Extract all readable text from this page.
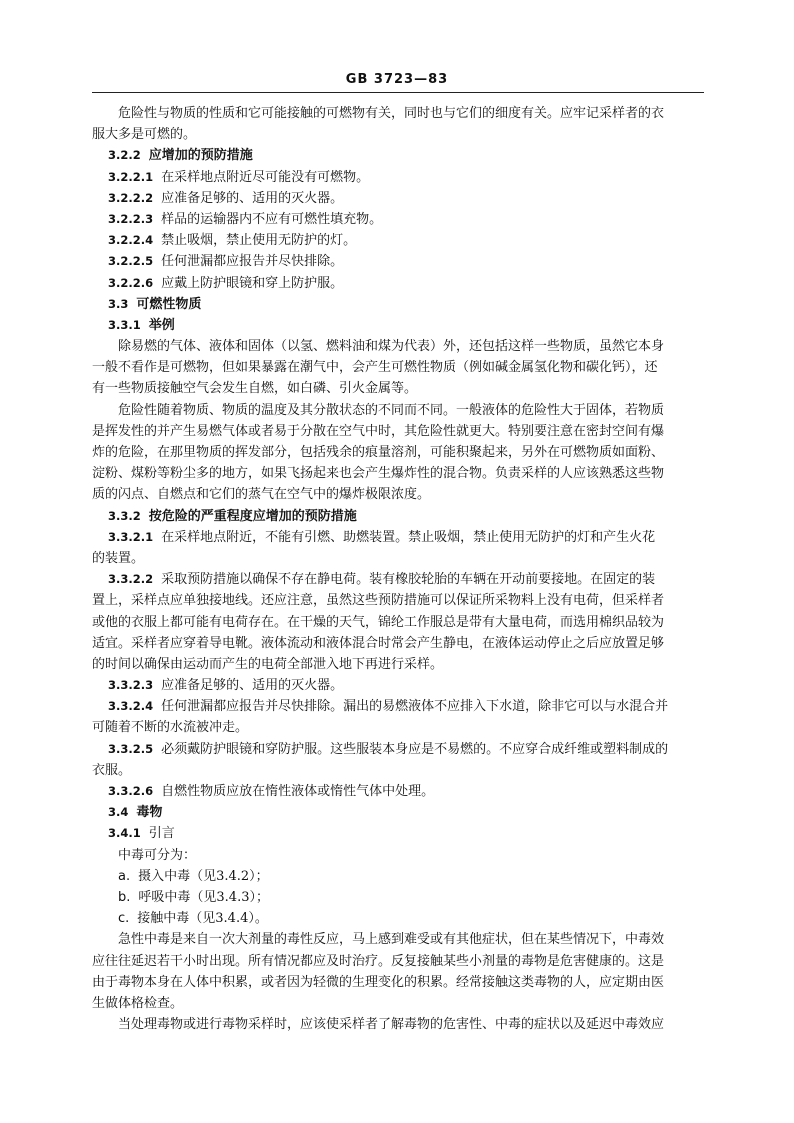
GB 3723—83
危险性与物质的性质和它可能接触的可燃物有关，同时也与它们的细度有关。应牢记采样者的衣
服大多是可燃的。
3.2.2 应增加的预防措施
3.2.2.1 在采样地点附近尽可能没有可燃物。
3.2.2.2 应准备足够的、适用的灭火器。
3.2.2.3 样品的运输器内不应有可燃性填充物。
3.2.2.4 禁止吸烟，禁止使用无防护的灯。
3.2.2.5 任何泄漏都应报告并尽快排除。
3.2.2.6 应戴上防护眼镜和穿上防护服。
3.3 可燃性物质
3.3.1 举例
除易燃的气体、液体和固体（以氢、燃料油和煤为代表）外，还包括这样一些物质，虽然它本身
一般不看作是可燃物，但如果暴露在潮气中，会产生可燃性物质（例如碱金属氢化物和碳化钙），还
有一些物质接触空气会发生自燃，如白磷、引火金属等。
危险性随着物质、物质的温度及其分散状态的不同而不同。一般液体的危险性大于固体，若物质
是挥发性的并产生易燃气体或者易于分散在空气中时，其危险性就更大。特别要注意在密封空间有爆
炸的危险，在那里物质的挥发部分，包括残余的痕量溶剂，可能积聚起来，另外在可燃物质如面粉、
淀粉、煤粉等粉尘多的地方，如果飞扬起来也会产生爆炸性的混合物。负责采样的人应该熟悉这些物
质的闪点、自燃点和它们的蒸气在空气中的爆炸极限浓度。
3.3.2 按危险的严重程度应增加的预防措施
3.3.2.1 在采样地点附近，不能有引燃、助燃装置。禁止吸烟，禁止使用无防护的灯和产生火花
的装置。
3.3.2.2 采取预防措施以确保不存在静电荷。装有橡胶轮胎的车辆在开动前要接地。在固定的装
置上，采样点应单独接地线。还应注意，虽然这些预防措施可以保证所采物料上没有电荷，但采样者
或他的衣服上都可能有电荷存在。在干燥的天气，锦纶工作服总是带有大量电荷，而选用棉织品较为
适宜。采样者应穿着导电靴。液体流动和液体混合时常会产生静电，在液体运动停止之后应放置足够
的时间以确保由运动而产生的电荷全部泄入地下再进行采样。
3.3.2.3 应准备足够的、适用的灭火器。
3.3.2.4 任何泄漏都应报告并尽快排除。漏出的易燃液体不应排入下水道，除非它可以与水混合并
可随着不断的水流被冲走。
3.3.2.5 必须戴防护眼镜和穿防护服。这些服装本身应是不易燃的。不应穿合成纤维或塑料制成的
衣服。
3.3.2.6 自燃性物质应放在惰性液体或惰性气体中处理。
3.4 毒物
3.4.1 引言
中毒可分为：
a. 摄入中毒（见3.4.2）；
b. 呼吸中毒（见3.4.3）；
c. 接触中毒（见3.4.4）。
急性中毒是来自一次大剂量的毒性反应，马上感到难受或有其他症状，但在某些情况下，中毒效
应往往延迟若干小时出现。所有情况都应及时治疗。反复接触某些小剂量的毒物是危害健康的。这是
由于毒物本身在人体中积累，或者因为轻微的生理变化的积累。经常接触这类毒物的人，应定期由医
生做体格检查。
当处理毒物或进行毒物采样时，应该使采样者了解毒物的危害性、中毒的症状以及延迟中毒效应
